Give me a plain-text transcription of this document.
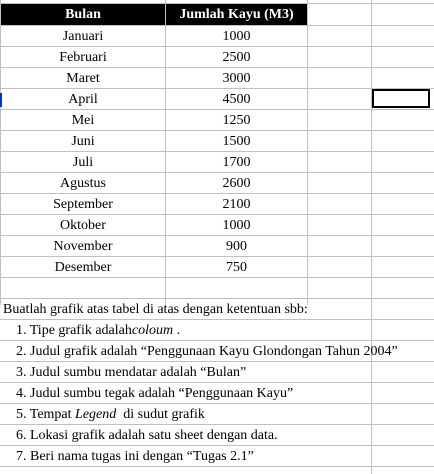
Bulan	Jumlah Kayu (M3)
Januari	1000
Februari	2500
Maret	3000
April	4500
Mei	1250
Juni	1500
Juli	1700
Agustus	2600
September	2100
Oktober	1000
November	900
Desember	750
Buatlah grafik atas tabel di atas dengan ketentuan sbb:
1. Tipe grafik adalah coloum .
2. Judul grafik adalah “Penggunaan Kayu Glondongan Tahun 2004”
3. Judul sumbu mendatar adalah “Bulan”
4. Judul sumbu tegak adalah “Penggunaan Kayu”
5. Tempat Legend di sudut grafik
6. Lokasi grafik adalah satu sheet dengan data.
7. Beri nama tugas ini dengan “Tugas 2.1”
